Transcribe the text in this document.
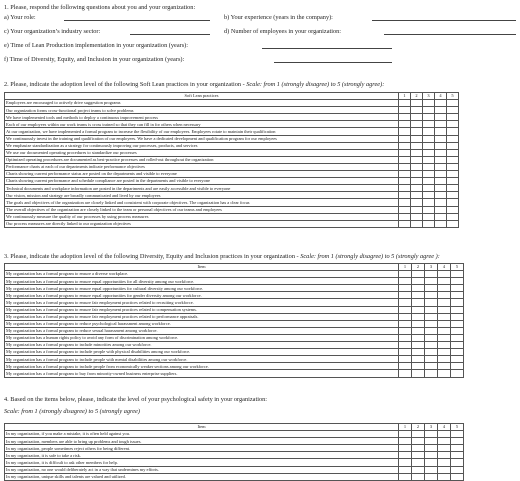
1. Please, respond the following questions about you and your organization:
a) Your role:	b) Your experience (years in the company):
c) Your organization’s industry sector:	d) Number of employees in your organization:
e) Time of Lean Production implementation in your organization (years):
f) Time of Diversity, Equity, and Inclusion in your organization (years):
2. Please, indicate the adoption level of the following Soft Lean practices in your organization - Scale: from 1 (strongly disagree) to 5 (strongly agree):
Soft Lean practices	1	2	3	4	5
Employees are encouraged to actively drive suggestion programs					
Our organization forms cross-functional project teams to solve problems					
We have implemented tools and methods to deploy a continuous improvement process					
Each of our employees within our work teams is cross trained so that they can fill in for others when necessary					
At our organization, we have implemented a formal program to increase the flexibility of our employees. Employees rotate to maintain their qualification					
We continuously invest in the training and qualification of our employees. We have a dedicated development and qualification program for our employees					
We emphasize standardization as a strategy for continuously improving our processes, products, and services					
We use our documented operating procedures to standardize our processes					
Optimized operating procedures are documented as best-practice processes and rolled-out throughout the organization					
Performance charts at each of our departments indicate performance objectives					
Charts showing current performance status are posted on the departments and visible to everyone					
Charts showing current performance and schedule compliance are posted in the departments and visible to everyone					
Technical documents and workplace information are posted in the departments and are easily accessible and visible to everyone					
Our vision, mission and strategy are broadly communicated and lived by our employees					
The goals and objectives of the organization are closely linked and consistent with corporate objectives. The organization has a clear focus					
The overall objectives of the organization are closely linked to the team or personal objectives of our teams and employees					
We continuously measure the quality of our processes by using process measures					
Our process measures are directly linked to our organization objectives					
3. Please, indicate the adoption level of the following Diversity, Equity and Inclusion practices in your organization - Scale: from 1 (strongly disagree) to 5 (strongly agree ):
Item	1	2	3	4	5
My organization has a formal program to ensure a diverse workplace.					
My organization has a formal program to ensure equal opportunities for all diversity among our workforce.					
My organization has a formal program to ensure equal opportunities for cultural diversity among our workforce.					
My organization has a formal program to ensure equal opportunities for gender diversity among our workforce.					
My organization has a formal program to ensure fair employment practices related to recruiting workforce.					
My organization has a formal program to ensure fair employment practices related to compensation systems.					
My organization has a formal program to ensure fair employment practices related to performance appraisals.					
My organization has a formal program to reduce psychological harassment among workforce.					
My organization has a formal program to reduce sexual harassment among workforce.					
My organization has a human rights policy to avoid any form of discrimination among workforce.					
My organization has a formal program to include minorities among our workforce.					
My organization has a formal program to include people with physical disabilities among our workforce.					
My organization has a formal program to include people with mental disabilities among our workforce.					
My organization has a formal program to include people from economically weaker sections among our workforce.					
My organization has a formal program to buy from minority-owned business enterprise suppliers.					
4. Based on the items below, please, indicate the level of your psychological safety in your organization:
Scale: from 1 (strongly disagree) to 5 (strongly agree)
Item	1	2	3	4	5
In my organization, if you make a mistake, it is often held against you.					
In my organization, members are able to bring up problems and tough issues.					
In my organization, people sometimes reject others for being different.					
In my organization, it is safe to take a risk.					
In my organization, it is difficult to ask other members for help.					
In my organization, no one would deliberately act in a way that undermines my efforts.					
In my organization, unique skills and talents are valued and utilized.					
